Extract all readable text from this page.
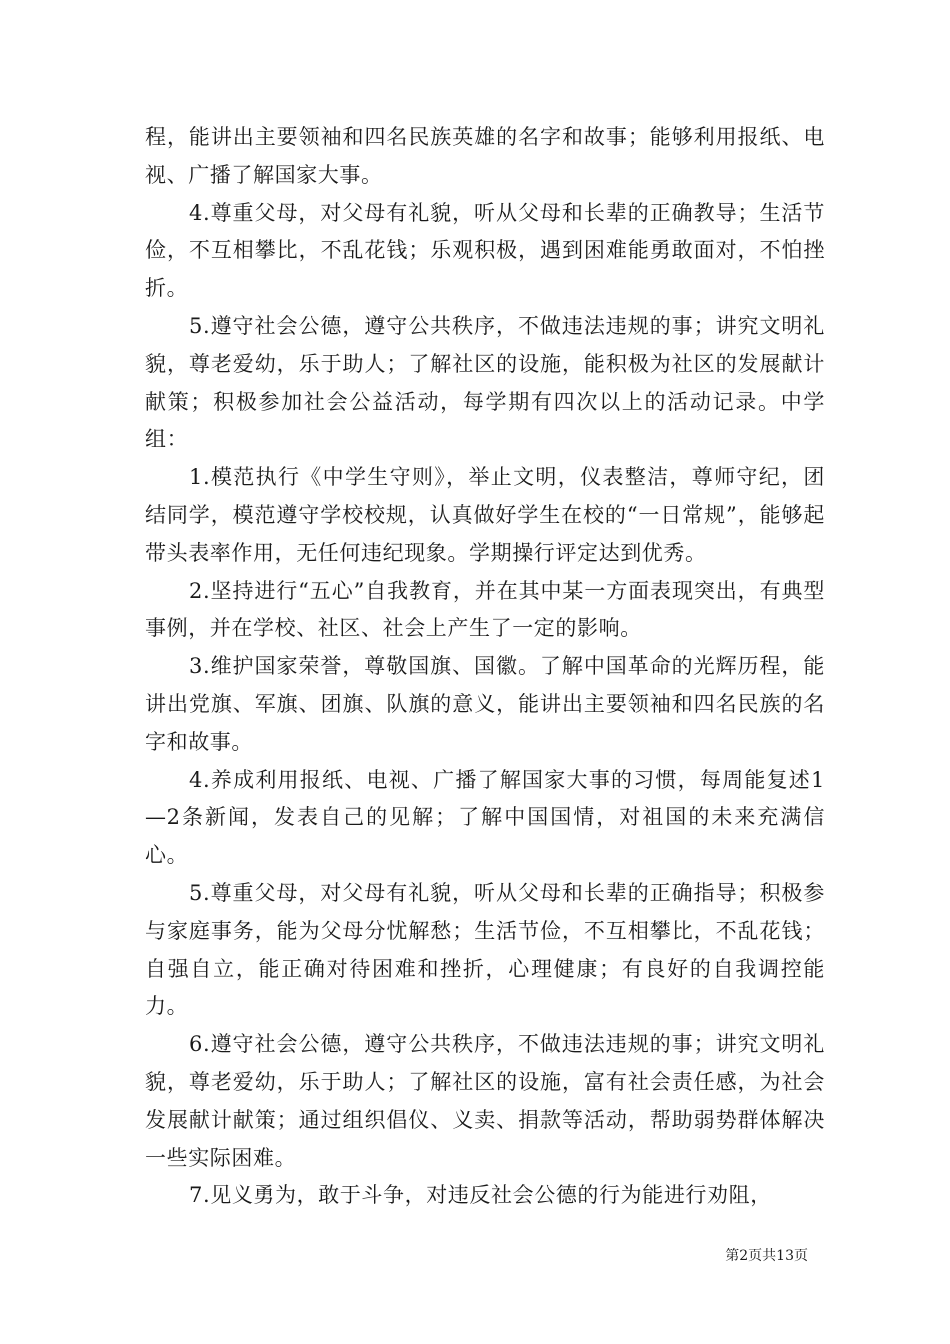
程，能讲出主要领袖和四名民族英雄的名字和故事；能够利用报纸、电视、广播了解国家大事。

4.尊重父母，对父母有礼貌，听从父母和长辈的正确教导；生活节俭，不互相攀比，不乱花钱；乐观积极，遇到困难能勇敢面对，不怕挫折。

5.遵守社会公德，遵守公共秩序，不做违法违规的事；讲究文明礼貌，尊老爱幼，乐于助人；了解社区的设施，能积极为社区的发展献计献策；积极参加社会公益活动，每学期有四次以上的活动记录。中学组：

1.模范执行《中学生守则》，举止文明，仪表整洁，尊师守纪，团结同学，模范遵守学校校规，认真做好学生在校的“一日常规”，能够起带头表率作用，无任何违纪现象。学期操行评定达到优秀。

2.坚持进行“五心”自我教育，并在其中某一方面表现突出，有典型事例，并在学校、社区、社会上产生了一定的影响。

3.维护国家荣誉，尊敬国旗、国徽。了解中国革命的光辉历程，能讲出党旗、军旗、团旗、队旗的意义，能讲出主要领袖和四名民族的名字和故事。

4.养成利用报纸、电视、广播了解国家大事的习惯，每周能复述1—2条新闻，发表自己的见解；了解中国国情，对祖国的未来充满信心。

5.尊重父母，对父母有礼貌，听从父母和长辈的正确指导；积极参与家庭事务，能为父母分忧解愁；生活节俭，不互相攀比，不乱花钱；自强自立，能正确对待困难和挫折，心理健康；有良好的自我调控能力。

6.遵守社会公德，遵守公共秩序，不做违法违规的事；讲究文明礼貌，尊老爱幼，乐于助人；了解社区的设施，富有社会责任感，为社会发展献计献策；通过组织倡仪、义卖、捐款等活动，帮助弱势群体解决一些实际困难。

7.见义勇为，敢于斗争，对违反社会公德的行为能进行劝阻，

第2页共13页
